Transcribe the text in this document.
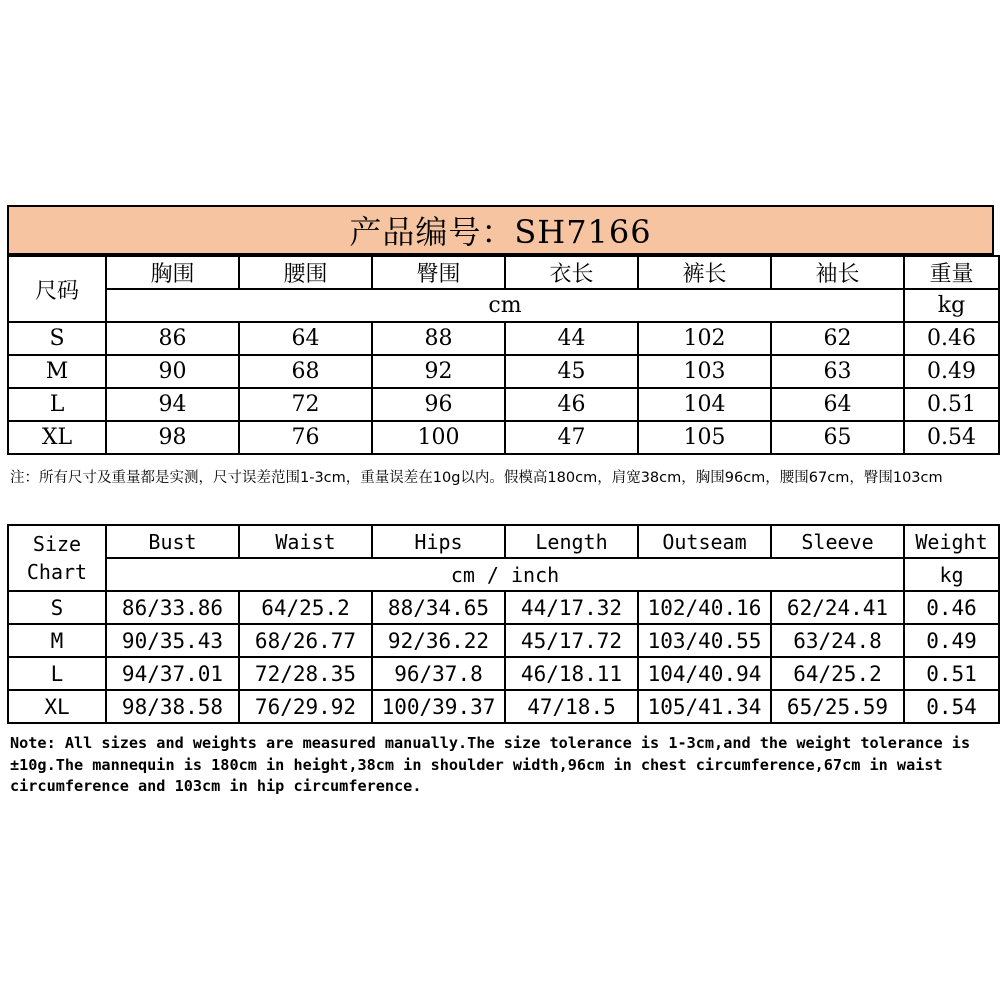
产品编号：SH7166
尺码	胸围	腰围	臀围	衣长	裤长	袖长	重量
	cm						kg
S	86	64	88	44	102	62	0.46
M	90	68	92	45	103	63	0.49
L	94	72	96	46	104	64	0.51
XL	98	76	100	47	105	65	0.54
注：所有尺寸及重量都是实测，尺寸误差范围1-3cm，重量误差在10g以内。假模高180cm，肩宽38cm，胸围96cm，腰围67cm，臀围103cm
Size
Chart	Bust	Waist	Hips	Length	Outseam	Sleeve	Weight
	cm / inch						kg
S	86/33.86	64/25.2	88/34.65	44/17.32	102/40.16	62/24.41	0.46
M	90/35.43	68/26.77	92/36.22	45/17.72	103/40.55	63/24.8	0.49
L	94/37.01	72/28.35	96/37.8	46/18.11	104/40.94	64/25.2	0.51
XL	98/38.58	76/29.92	100/39.37	47/18.5	105/41.34	65/25.59	0.54
Note: All sizes and weights are measured manually.The size tolerance is 1-3cm,and the weight tolerance is ±10g.The mannequin is 180cm in height,38cm in shoulder width,96cm in chest circumference,67cm in waist circumference and 103cm in hip circumference.
